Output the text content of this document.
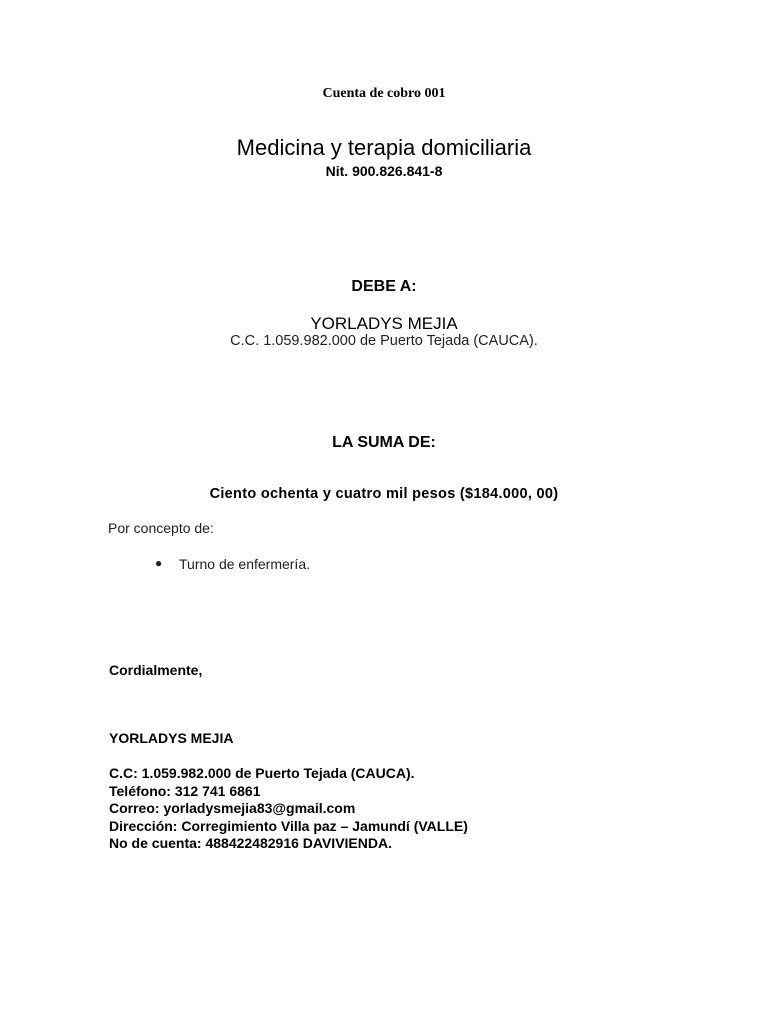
Cuenta de cobro 001
Medicina y terapia domiciliaria
Nit. 900.826.841-8
DEBE A:
YORLADYS MEJIA
C.C. 1.059.982.000 de Puerto Tejada (CAUCA).
LA SUMA DE:
Ciento ochenta y cuatro mil pesos ($184.000, 00)
Por concepto de:
● Turno de enfermería.
Cordialmente,
YORLADYS MEJIA
C.C: 1.059.982.000 de Puerto Tejada (CAUCA).
Teléfono: 312 741 6861
Correo: yorladysmejia83@gmail.com
Dirección: Corregimiento Villa paz – Jamundí (VALLE)
No de cuenta: 488422482916 DAVIVIENDA.
